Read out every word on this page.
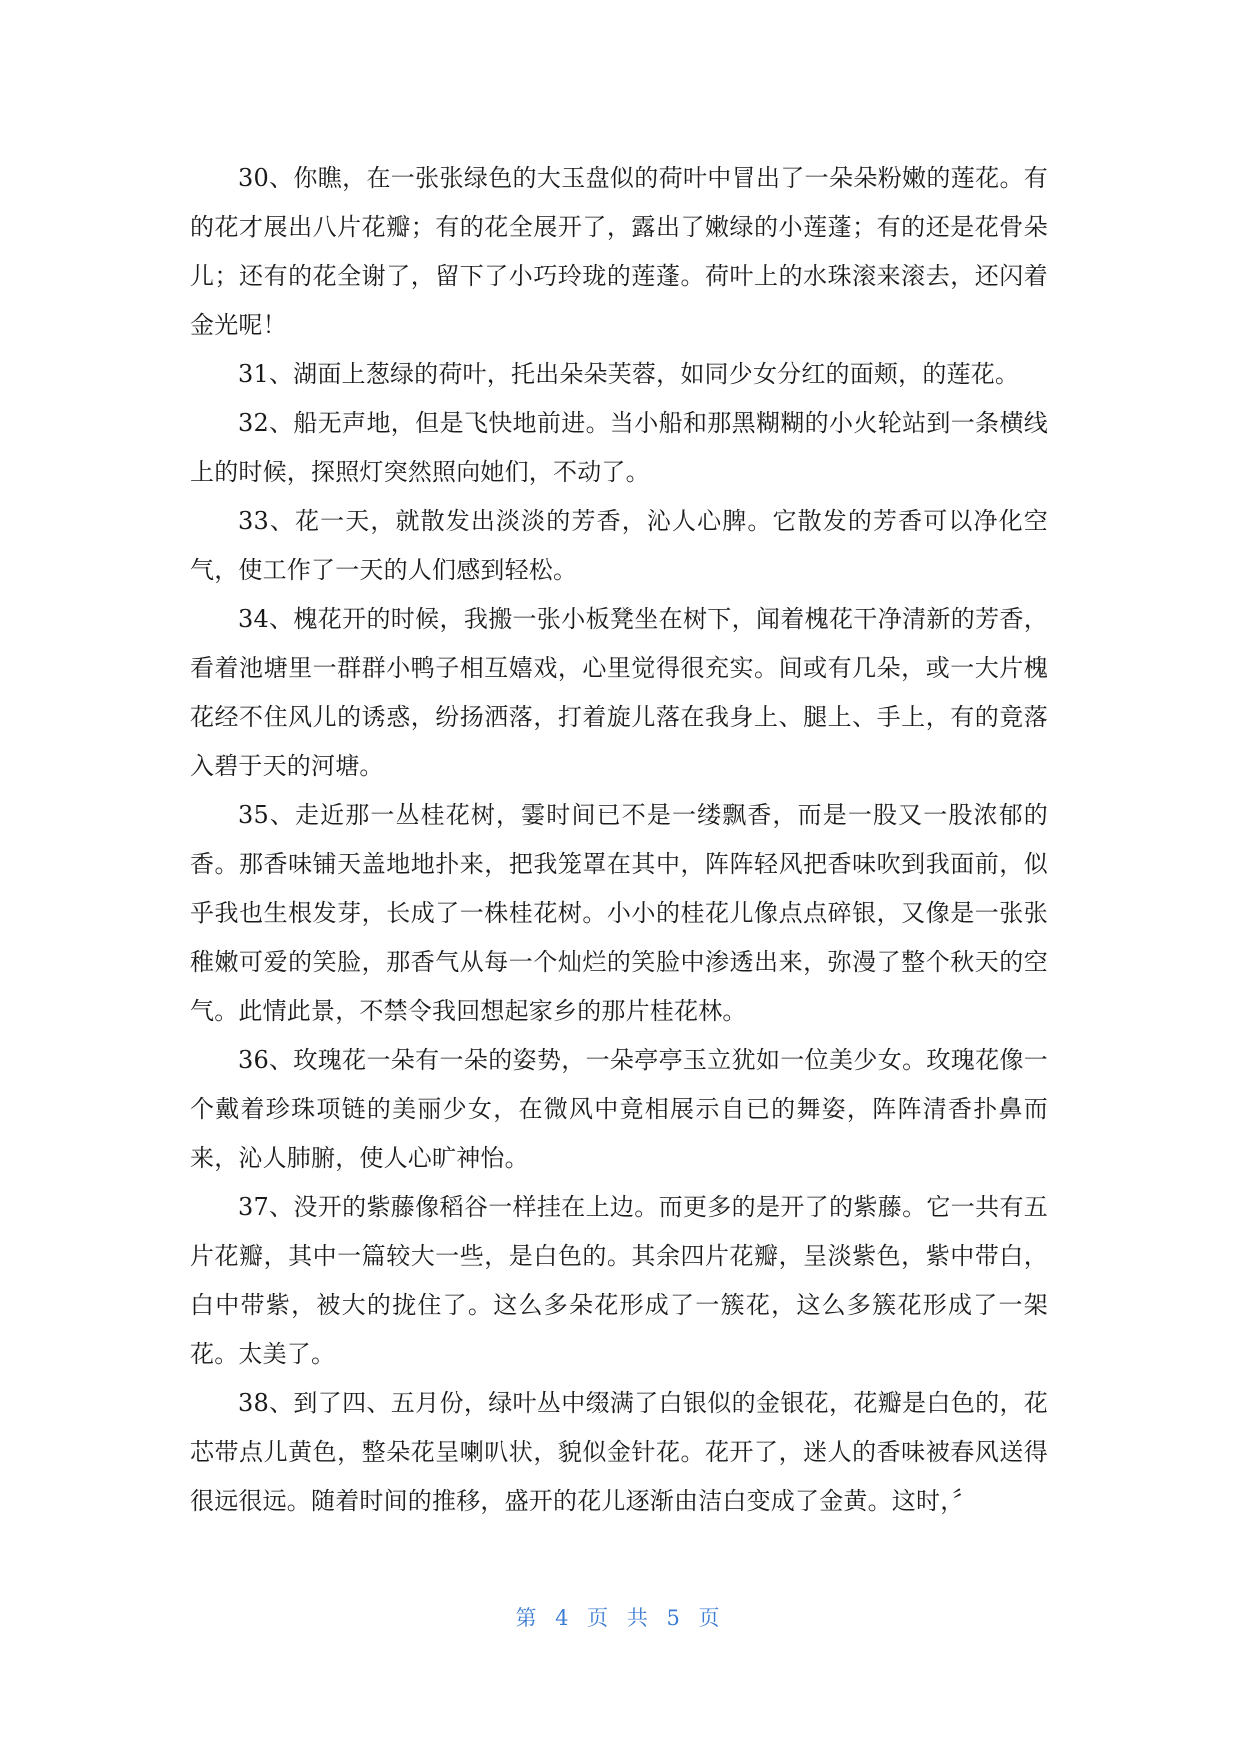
30、你瞧，在一张张绿色的大玉盘似的荷叶中冒出了一朵朵粉嫩的莲花。有的花才展出八片花瓣；有的花全展开了，露出了嫩绿的小莲蓬；有的还是花骨朵儿；还有的花全谢了，留下了小巧玲珑的莲蓬。荷叶上的水珠滚来滚去，还闪着金光呢！

31、湖面上葱绿的荷叶，托出朵朵芙蓉，如同少女分红的面颊，的莲花。

32、船无声地，但是飞快地前进。当小船和那黑糊糊的小火轮站到一条横线上的时候，探照灯突然照向她们，不动了。

33、花一天，就散发出淡淡的芳香，沁人心脾。它散发的芳香可以净化空气，使工作了一天的人们感到轻松。

34、槐花开的时候，我搬一张小板凳坐在树下，闻着槐花干净清新的芳香，看着池塘里一群群小鸭子相互嬉戏，心里觉得很充实。间或有几朵，或一大片槐花经不住风儿的诱惑，纷扬洒落，打着旋儿落在我身上、腿上、手上，有的竟落入碧于天的河塘。

35、走近那一丛桂花树，霎时间已不是一缕飘香，而是一股又一股浓郁的香。那香味铺天盖地地扑来，把我笼罩在其中，阵阵轻风把香味吹到我面前，似乎我也生根发芽，长成了一株桂花树。小小的桂花儿像点点碎银，又像是一张张稚嫩可爱的笑脸，那香气从每一个灿烂的笑脸中渗透出来，弥漫了整个秋天的空气。此情此景，不禁令我回想起家乡的那片桂花林。

36、玫瑰花一朵有一朵的姿势，一朵亭亭玉立犹如一位美少女。玫瑰花像一个戴着珍珠项链的美丽少女，在微风中竟相展示自已的舞姿，阵阵清香扑鼻而来，沁人肺腑，使人心旷神怡。

37、没开的紫藤像稻谷一样挂在上边。而更多的是开了的紫藤。它一共有五片花瓣，其中一篇较大一些，是白色的。其余四片花瓣，呈淡紫色，紫中带白，白中带紫，被大的拢住了。这么多朵花形成了一簇花，这么多簇花形成了一架花。太美了。

38、到了四、五月份，绿叶丛中缀满了白银似的金银花，花瓣是白色的，花芯带点儿黄色，整朵花呈喇叭状，貌似金针花。花开了，迷人的香味被春风送得很远很远。随着时间的推移，盛开的花儿逐渐由洁白变成了金黄。这时，〞

第 4 页 共 5 页
